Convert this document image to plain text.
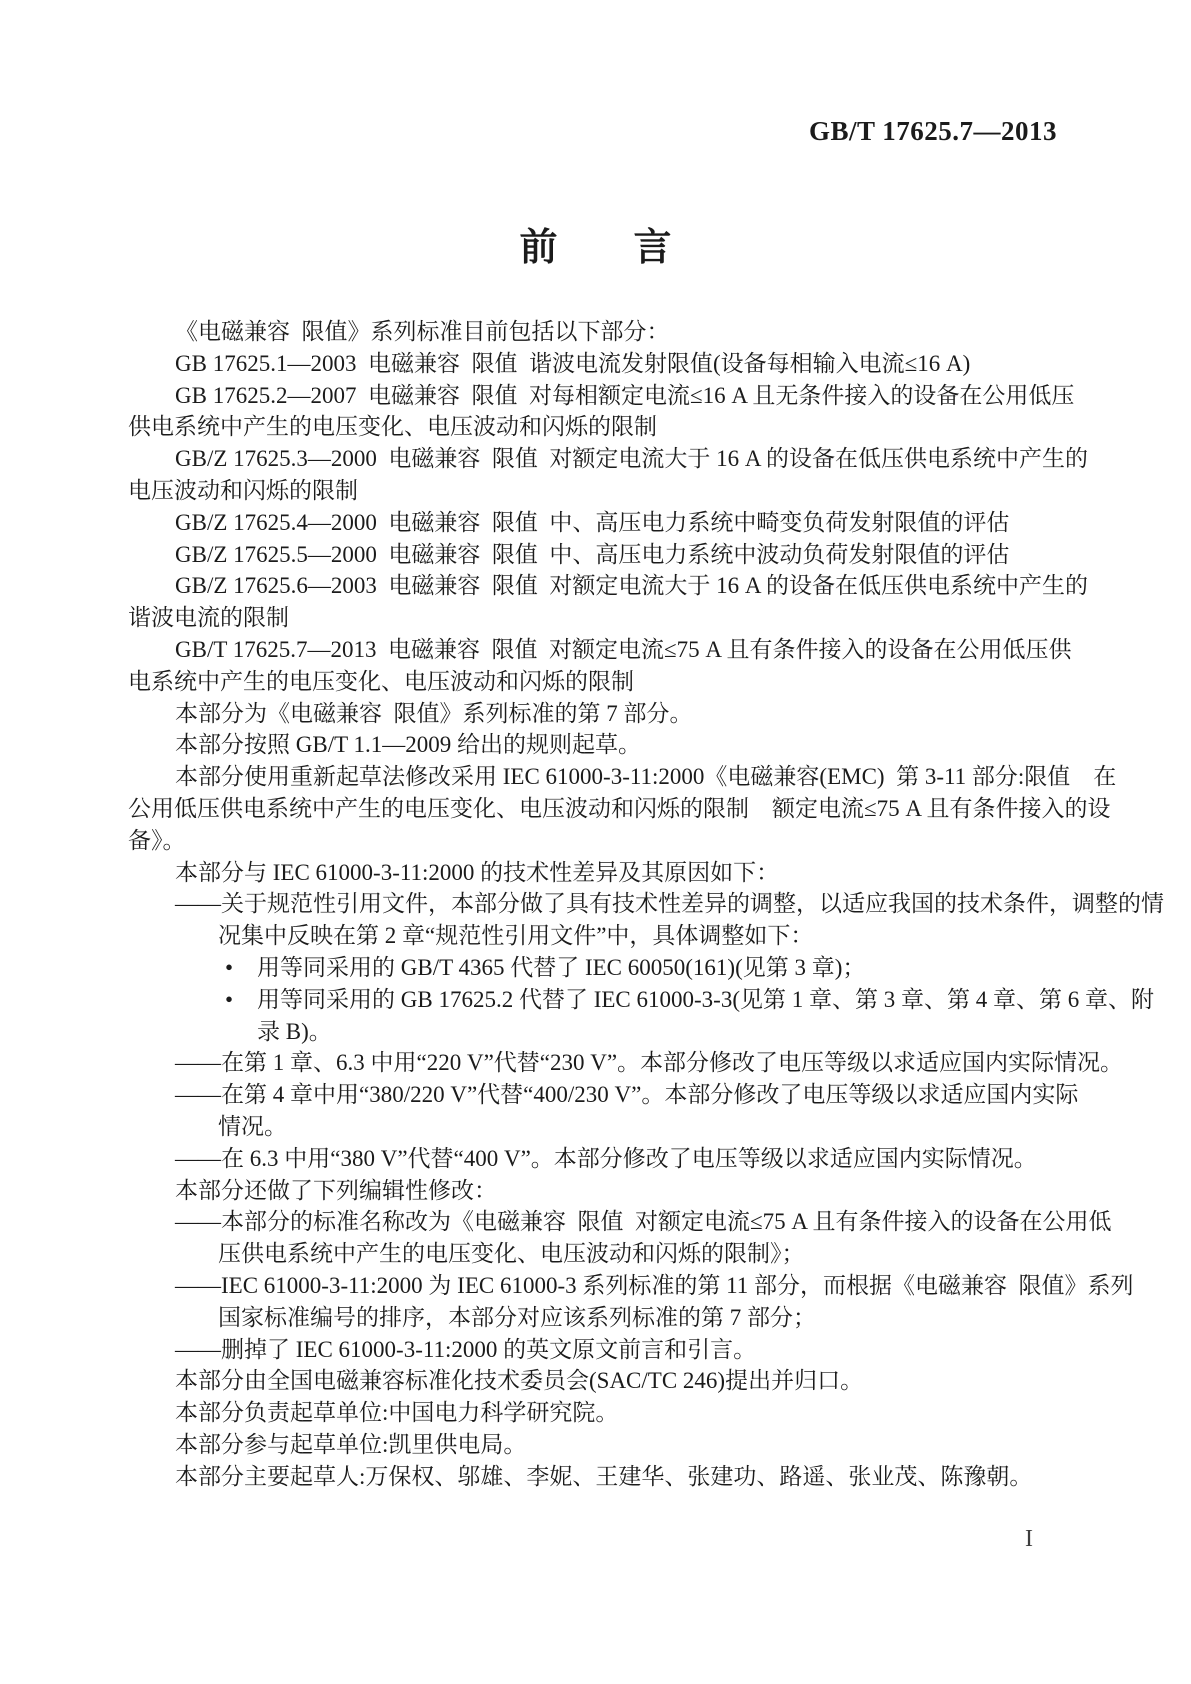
GB/T 17625.7—2013
前　　言
《电磁兼容  限值》系列标准目前包括以下部分：
GB 17625.1—2003  电磁兼容  限值  谐波电流发射限值(设备每相输入电流≤16 A)
GB 17625.2—2007  电磁兼容  限值  对每相额定电流≤16 A 且无条件接入的设备在公用低压
供电系统中产生的电压变化、电压波动和闪烁的限制
GB/Z 17625.3—2000  电磁兼容  限值  对额定电流大于 16 A 的设备在低压供电系统中产生的
电压波动和闪烁的限制
GB/Z 17625.4—2000  电磁兼容  限值  中、高压电力系统中畸变负荷发射限值的评估
GB/Z 17625.5—2000  电磁兼容  限值  中、高压电力系统中波动负荷发射限值的评估
GB/Z 17625.6—2003  电磁兼容  限值  对额定电流大于 16 A 的设备在低压供电系统中产生的
谐波电流的限制
GB/T 17625.7—2013  电磁兼容  限值  对额定电流≤75 A 且有条件接入的设备在公用低压供
电系统中产生的电压变化、电压波动和闪烁的限制
本部分为《电磁兼容  限值》系列标准的第 7 部分。
本部分按照 GB/T 1.1—2009 给出的规则起草。
本部分使用重新起草法修改采用 IEC 61000-3-11:2000《电磁兼容(EMC)  第 3-11 部分:限值　在
公用低压供电系统中产生的电压变化、电压波动和闪烁的限制　额定电流≤75 A 且有条件接入的设
备》。
本部分与 IEC 61000-3-11:2000 的技术性差异及其原因如下：
——关于规范性引用文件，本部分做了具有技术性差异的调整，以适应我国的技术条件，调整的情
况集中反映在第 2 章“规范性引用文件”中，具体调整如下：
• 用等同采用的 GB/T 4365 代替了 IEC 60050(161)(见第 3 章)；
• 用等同采用的 GB 17625.2 代替了 IEC 61000-3-3(见第 1 章、第 3 章、第 4 章、第 6 章、附
录 B)。
——在第 1 章、6.3 中用“220 V”代替“230 V”。本部分修改了电压等级以求适应国内实际情况。
——在第 4 章中用“380/220 V”代替“400/230 V”。本部分修改了电压等级以求适应国内实际
情况。
——在 6.3 中用“380 V”代替“400 V”。本部分修改了电压等级以求适应国内实际情况。
本部分还做了下列编辑性修改：
——本部分的标准名称改为《电磁兼容  限值  对额定电流≤75 A 且有条件接入的设备在公用低
压供电系统中产生的电压变化、电压波动和闪烁的限制》；
——IEC 61000-3-11:2000 为 IEC 61000-3 系列标准的第 11 部分，而根据《电磁兼容  限值》系列
国家标准编号的排序，本部分对应该系列标准的第 7 部分；
——删掉了 IEC 61000-3-11:2000 的英文原文前言和引言。
本部分由全国电磁兼容标准化技术委员会(SAC/TC 246)提出并归口。
本部分负责起草单位:中国电力科学研究院。
本部分参与起草单位:凯里供电局。
本部分主要起草人:万保权、邬雄、李妮、王建华、张建功、路遥、张业茂、陈豫朝。
I
